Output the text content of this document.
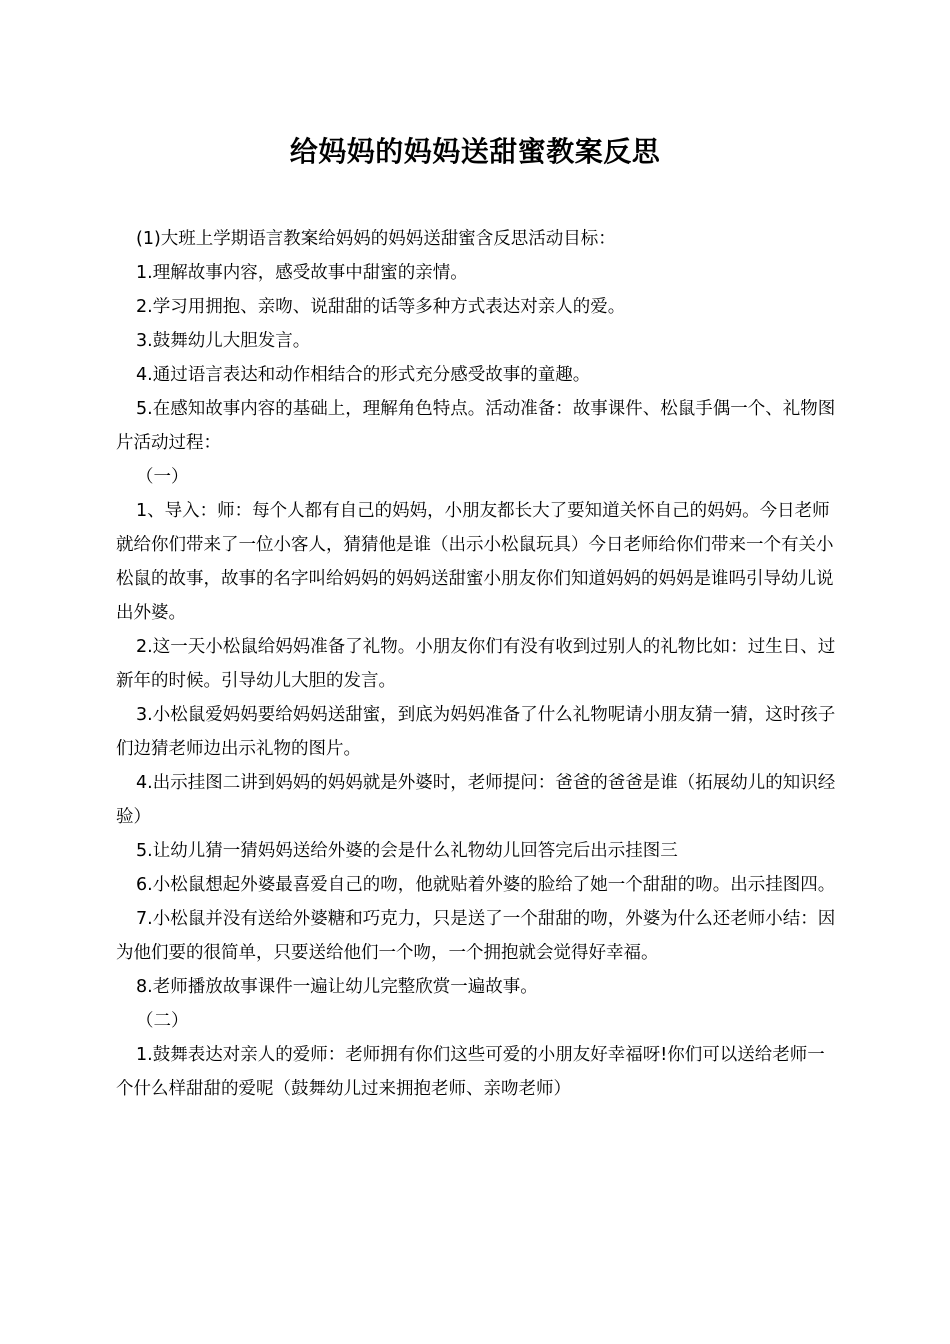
给妈妈的妈妈送甜蜜教案反思

(1)大班上学期语言教案给妈妈的妈妈送甜蜜含反思活动目标：

1.理解故事内容，感受故事中甜蜜的亲情。

2.学习用拥抱、亲吻、说甜甜的话等多种方式表达对亲人的爱。

3.鼓舞幼儿大胆发言。

4.通过语言表达和动作相结合的形式充分感受故事的童趣。

5.在感知故事内容的基础上，理解角色特点。活动准备：故事课件、松鼠手偶一个、礼物图片活动过程：

（一）

1、导入：师：每个人都有自己的妈妈，小朋友都长大了要知道关怀自己的妈妈。今日老师就给你们带来了一位小客人，猜猜他是谁（出示小松鼠玩具）今日老师给你们带来一个有关小松鼠的故事，故事的名字叫给妈妈的妈妈送甜蜜小朋友你们知道妈妈的妈妈是谁吗引导幼儿说出外婆。

2.这一天小松鼠给妈妈准备了礼物。小朋友你们有没有收到过别人的礼物比如：过生日、过新年的时候。引导幼儿大胆的发言。

3.小松鼠爱妈妈要给妈妈送甜蜜，到底为妈妈准备了什么礼物呢请小朋友猜一猜，这时孩子们边猜老师边出示礼物的图片。

4.出示挂图二讲到妈妈的妈妈就是外婆时，老师提问：爸爸的爸爸是谁（拓展幼儿的知识经验）

5.让幼儿猜一猜妈妈送给外婆的会是什么礼物幼儿回答完后出示挂图三

6.小松鼠想起外婆最喜爱自己的吻，他就贴着外婆的脸给了她一个甜甜的吻。出示挂图四。

7.小松鼠并没有送给外婆糖和巧克力，只是送了一个甜甜的吻，外婆为什么还老师小结：因为他们要的很简单，只要送给他们一个吻，一个拥抱就会觉得好幸福。

8.老师播放故事课件一遍让幼儿完整欣赏一遍故事。

（二）

1.鼓舞表达对亲人的爱师：老师拥有你们这些可爱的小朋友好幸福呀!你们可以送给老师一个什么样甜甜的爱呢（鼓舞幼儿过来拥抱老师、亲吻老师）
